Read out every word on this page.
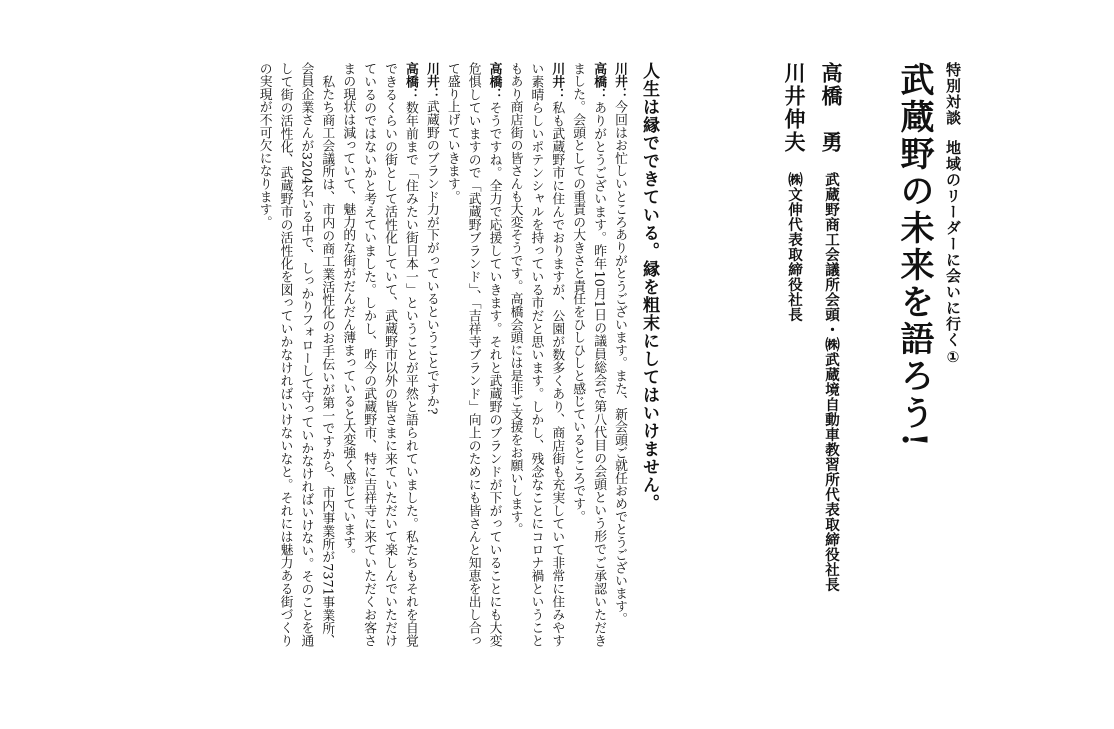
特別対談地域のリーダーに会いに行く①
武蔵野の未来を語ろう!
高橋　勇武蔵野商工会議所会頭・㈱武蔵境自動車教習所代表取締役社長
川井伸夫㈱文伸代表取締役社長
人生は縁でできている。縁を粗末にしてはいけません。

川井：今回はお忙しいところありがとうございます。また、新会頭ご就任おめでとうございます。

高橋：ありがとうございます。昨年10月1日の議員総会で第八代目の会頭という形でご承認いただきました。会頭としての重責の大きさと責任をひしひしと感じているところです。

川井：私も武蔵野市に住んでおりますが、公園が数多くあり、商店街も充実していて非常に住みやすい素晴らしいポテンシャルを持っている市だと思います。しかし、残念なことにコロナ禍ということもあり商店街の皆さんも大変そうです。高橋会頭には是非ご支援をお願いします。

高橋：そうですね。全力で応援していきます。それと武蔵野のブランドが下がっていることにも大変危惧していますので「武蔵野ブランド」、「吉祥寺ブランド」向上のためにも皆さんと知恵を出し合って盛り上げていきます。

川井：武蔵野のブランド力が下がっているということですか?

高橋：数年前まで「住みたい街日本一」ということが平然と語られていました。私たちもそれを自覚できるくらいの街として活性化していて、武蔵野市以外の皆さまに来ていただいて楽しんでいただけているのではないかと考えていました。しかし、昨今の武蔵野市、特に吉祥寺に来ていただくお客さまの現状は減っていて、魅力的な街がだんだん薄まっていると大変強く感じています。

私たち商工会議所は、市内の商工業活性化のお手伝いが第一ですから、市内事業所が7371事業所、会員企業さんが3204名いる中で、しっかりフォローして守っていかなければいけない。そのことを通して街の活性化、武蔵野市の活性化を図っていかなければいけないなと。それには魅力ある街づくりの実現が不可欠になります。
